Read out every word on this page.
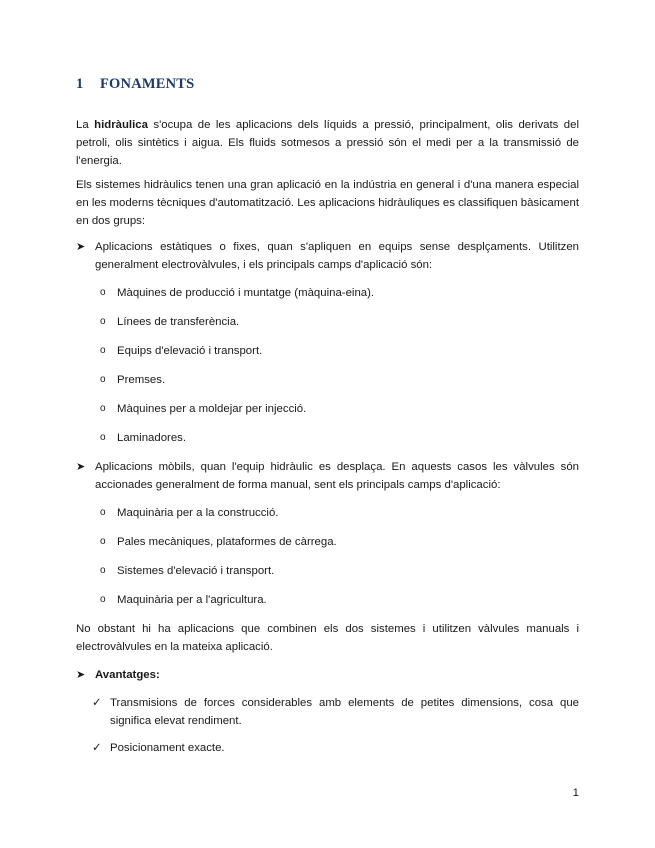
1 FONAMENTS
La hidràulica s'ocupa de les aplicacions dels líquids a pressió, principalment, olis derivats del petroli, olis sintètics i aigua. Els fluids sotmesos a pressió són el medi per a la transmissió de l'energia.
Els sistemes hidràulics tenen una gran aplicació en la indústria en general i d'una manera especial en les moderns tècniques d'automatització. Les aplicacions hidràuliques es classifiquen bàsicament en dos grups:
➤ Aplicacions estàtiques o fixes, quan s'apliquen en equips sense desplçaments. Utilitzen generalment electrovàlvules, i els principals camps d'aplicació són:
o Màquines de producció i muntatge (màquina-eina).
o Línees de transferència.
o Equips d'elevació i transport.
o Premses.
o Màquines per a moldejar per injecció.
o Laminadores.
➤ Aplicacions mòbils, quan l'equip hidràulic es desplaça. En aquests casos les vàlvules són accionades generalment de forma manual, sent els principals camps d'aplicació:
o Maquinària per a la construcció.
o Pales mecàniques, plataformes de càrrega.
o Sistemes d'elevació i transport.
o Maquinària per a l'agricultura.
No obstant hi ha aplicacions que combinen els dos sistemes i utilitzen vàlvules manuals i electrovàlvules en la mateixa aplicació.
➤ Avantatges:
✓ Transmisions de forces considerables amb elements de petites dimensions, cosa que significa elevat rendiment.
✓ Posicionament exacte.
1
